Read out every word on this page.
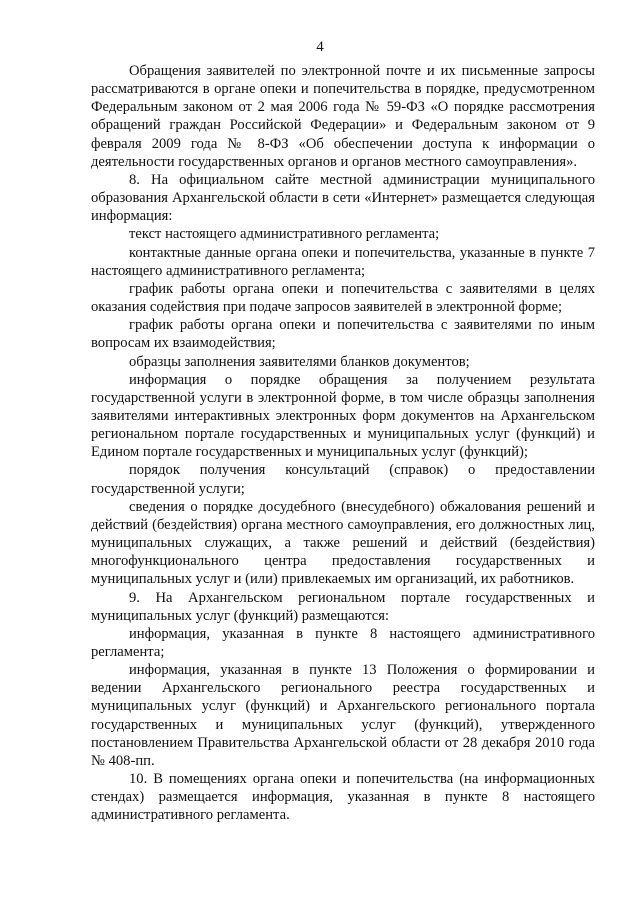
4

Обращения заявителей по электронной почте и их письменные запросы рассматриваются в органе опеки и попечительства в порядке, предусмотренном Федеральным законом от 2 мая 2006 года № 59-ФЗ «О порядке рассмотрения обращений граждан Российской Федерации» и Федеральным законом от 9 февраля 2009 года № 8-ФЗ «Об обеспечении доступа к информации о деятельности государственных органов и органов местного самоуправления».

8. На официальном сайте местной администрации муниципального образования Архангельской области в сети «Интернет» размещается следующая информация:

текст настоящего административного регламента;

контактные данные органа опеки и попечительства, указанные в пункте 7 настоящего административного регламента;

график работы органа опеки и попечительства с заявителями в целях оказания содействия при подаче запросов заявителей в электронной форме;

график работы органа опеки и попечительства с заявителями по иным вопросам их взаимодействия;

образцы заполнения заявителями бланков документов;

информация о порядке обращения за получением результата государственной услуги в электронной форме, в том числе образцы заполнения заявителями интерактивных электронных форм документов на Архангельском региональном портале государственных и муниципальных услуг (функций) и Едином портале государственных и муниципальных услуг (функций);

порядок получения консультаций (справок) о предоставлении государственной услуги;

сведения о порядке досудебного (внесудебного) обжалования решений и действий (бездействия) органа местного самоуправления, его должностных лиц, муниципальных служащих, а также решений и действий (бездействия) многофункционального центра предоставления государственных и муниципальных услуг и (или) привлекаемых им организаций, их работников.

9. На Архангельском региональном портале государственных и муниципальных услуг (функций) размещаются:

информация, указанная в пункте 8 настоящего административного регламента;

информация, указанная в пункте 13 Положения о формировании и ведении Архангельского регионального реестра государственных и муниципальных услуг (функций) и Архангельского регионального портала государственных и муниципальных услуг (функций), утвержденного постановлением Правительства Архангельской области от 28 декабря 2010 года № 408-пп.

10. В помещениях органа опеки и попечительства (на информационных стендах) размещается информация, указанная в пункте 8 настоящего административного регламента.
